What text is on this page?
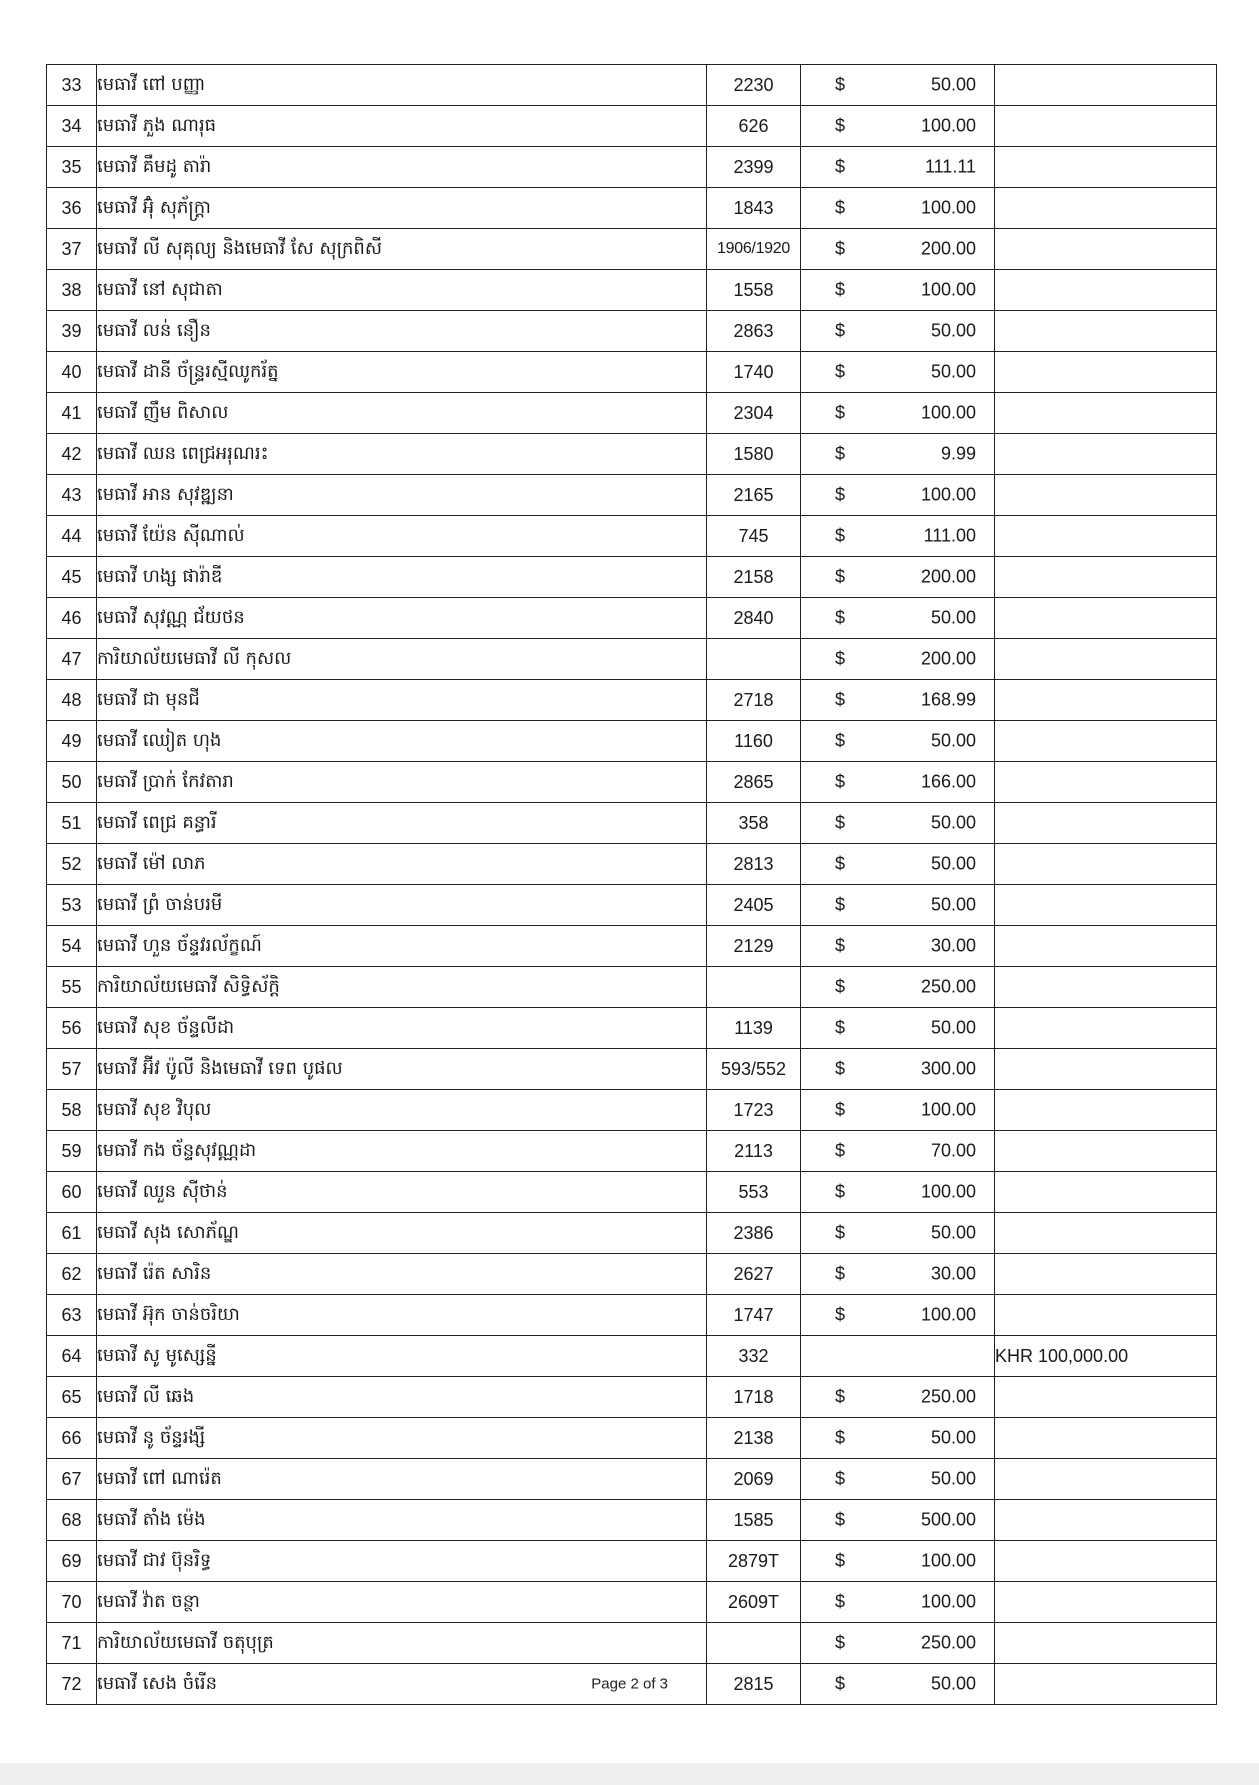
33	មេធាវី ពៅ បញ្ញា	2230	$ 50.00	

34	មេធាវី ភួង ណារុធ	626	$ 100.00	

35	មេធាវី គឹមដូ តារ៉ា	2399	$ 111.11	

36	មេធាវី អ៊ុំ សុភ័ក្រ្តា	1843	$ 100.00	

37	មេធាវី លី សុគុល្យ និងមេធាវី សែ សុក្រពិសី	1906/1920	$ 200.00	

38	មេធាវី នៅ សុជាតា	1558	$ 100.00	

39	មេធាវី លន់ នឿន	2863	$ 50.00	

40	មេធាវី ដានី ច័ន្ទ្ររស្មីឈូករ័ត្ន	1740	$ 50.00	

41	មេធាវី ញឹម ពិសាល	2304	$ 100.00	

42	មេធាវី ឈន ពេជ្រអរុណរះ	1580	$ 9.99	

43	មេធាវី អាន សុវឌ្ឍនា	2165	$ 100.00	

44	មេធាវី យ៉ែន ស៊ីណាល់	745	$ 111.00	

45	មេធាវី ហង្ស ផារ៉ាឌី	2158	$ 200.00	

46	មេធាវី សុវណ្ណ ជ័យថន	2840	$ 50.00	

47	ការិយាល័យមេធាវី លី កុសល		$ 200.00	

48	មេធាវី ជា មុនជី	2718	$ 168.99	

49	មេធាវី ឈៀត ហុង	1160	$ 50.00	

50	មេធាវី ប្រាក់ កែវតារា	2865	$ 166.00	

51	មេធាវី ពេជ្រ គន្ធារី	358	$ 50.00	

52	មេធាវី ម៉ៅ លាភ	2813	$ 50.00	

53	មេធាវី ព្រំ ចាន់បរមី	2405	$ 50.00	

54	មេធាវី ហួន ច័ន្ទវរល័ក្ខណ៍	2129	$ 30.00	

55	ការិយាល័យមេធាវី សិទ្ធិស័ក្តិ		$ 250.00	

56	មេធាវី សុខ ច័ន្ទលីដា	1139	$ 50.00	

57	មេធាវី អ៊ីវ ប៉ូលី និងមេធាវី ទេព បូផល	593/552	$ 300.00	

58	មេធាវី សុខ វិបុល	1723	$ 100.00	

59	មេធាវី កង ច័ន្ទសុវណ្ណដា	2113	$ 70.00	

60	មេធាវី ឈួន ស៊ីថាន់	553	$ 100.00	

61	មេធាវី សុង សោភ័ណ្ឌ	2386	$ 50.00	

62	មេធាវី រ៉េត សារិន	2627	$ 30.00	

63	មេធាវី អ៊ុក ចាន់ចរិយា	1747	$ 100.00	

64	មេធាវី សូ មូស្សេន្នី	332		KHR 100,000.00
65	មេធាវី លី ឆេង	1718	$ 250.00	

66	មេធាវី នូ ច័ន្ទរង្សី	2138	$ 50.00	

67	មេធាវី ពៅ ណារ៉េត	2069	$ 50.00	

68	មេធាវី តាំង ម៉េង	1585	$ 500.00	

69	មេធាវី ជាវ ប៊ុនរិទ្ធ	2879T	$ 100.00	

70	មេធាវី វ៉ាត ចន្ថា	2609T	$ 100.00	

71	ការិយាល័យមេធាវី ចតុបុត្រ		$ 250.00	

72	មេធាវី សេង ចំរើន Page 2 of 3	2815	$ 50.00	
